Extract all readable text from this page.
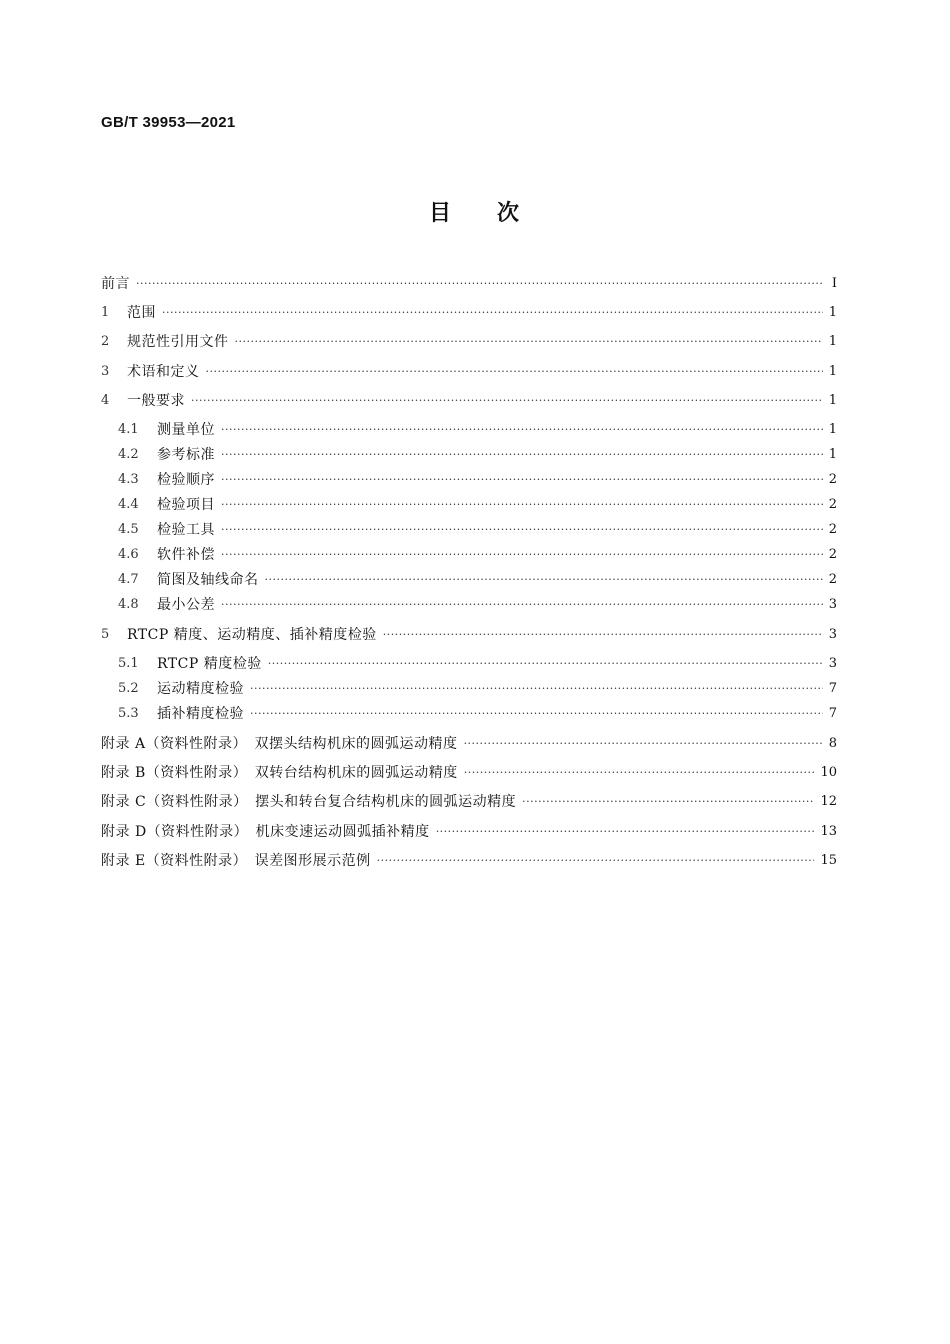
GB/T 39953—2021
目 次
前言 ·····	Ⅰ
1	范围 ·····	1
2	规范性引用文件 ·····	1
3	术语和定义 ·····	1
4	一般要求 ·····	1
4.1	测量单位 ·····	1
4.2	参考标准 ·····	1
4.3	检验顺序 ·····	2
4.4	检验项目 ·····	2
4.5	检验工具 ·····	2
4.6	软件补偿 ·····	2
4.7	简图及轴线命名 ·····	2
4.8	最小公差 ·····	3
5	RTCP 精度、运动精度、插补精度检验 ·····	3
5.1	RTCP 精度检验 ·····	3
5.2	运动精度检验 ·····	7
5.3	插补精度检验 ·····	7
附录 A（资料性附录）　双摆头结构机床的圆弧运动精度 ·····	8
附录 B（资料性附录）　双转台结构机床的圆弧运动精度 ·····	10
附录 C（资料性附录）　摆头和转台复合结构机床的圆弧运动精度 ·····	12
附录 D（资料性附录）　机床变速运动圆弧插补精度 ·····	13
附录 E（资料性附录）　误差图形展示范例 ·····	15
